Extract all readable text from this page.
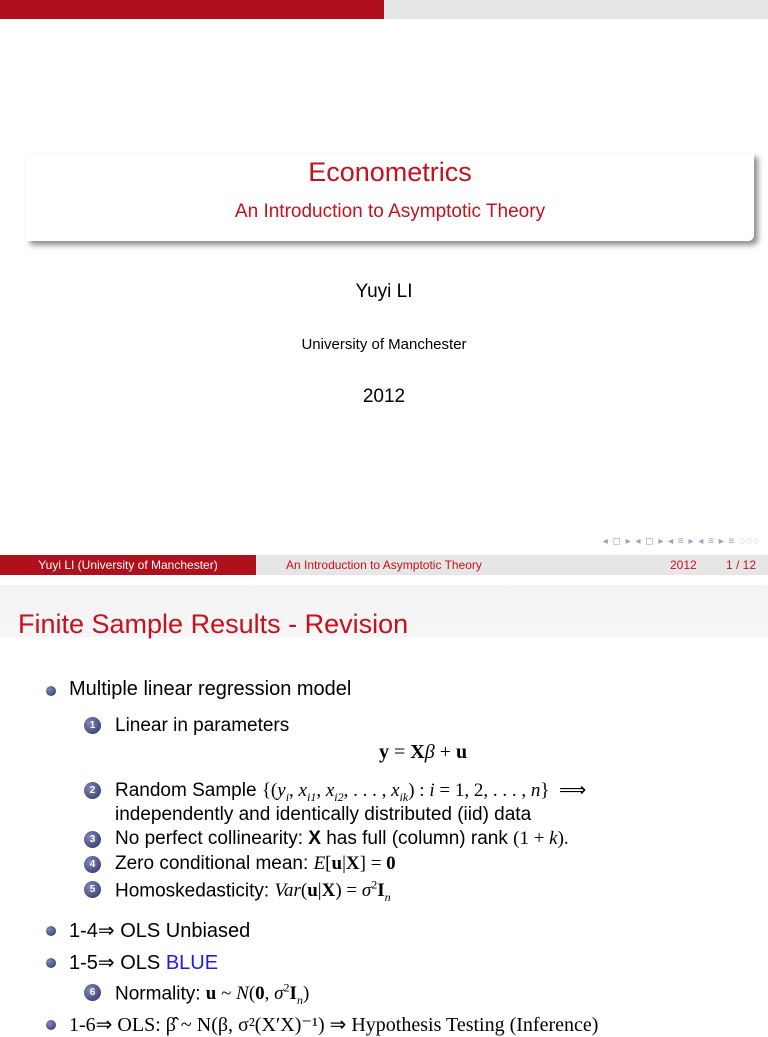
Econometrics
An Introduction to Asymptotic Theory
Yuyi LI
University of Manchester
2012
◂ ◻ ▸ ◂ ◻ ▸ ◂ ≡ ▸ ◂ ≡ ▸ ≡ ◌◌◌
Yuyi LI (University of Manchester)	An Introduction to Asymptotic Theory	2012 1 / 12
Finite Sample Results - Revision
Multiple linear regression model
1	Linear in parameters
y = Xβ + u
2	Random Sample {($y_i$, $x_{i1}$, $x_{i2}$, . . . , $x_{ik}$) : i = 1, 2, . . . , n}  ⟹
independently and identically distributed (iid) data
3	No perfect collinearity: X has full (column) rank (1 + k).
4	Zero conditional mean: E[u|X] = 0
5	Homoskedasticity: $Var(u|X) = \sigma^2I_n$
1-4⇒ OLS Unbiased
1-5⇒ OLS BLUE
6	Normality: u ~ N(0, $\sigma^2I_n$)
1-6⇒ OLS: β̂ ~ N(β, σ²(X′X)⁻¹) ⇒ Hypothesis Testing (Inference)
